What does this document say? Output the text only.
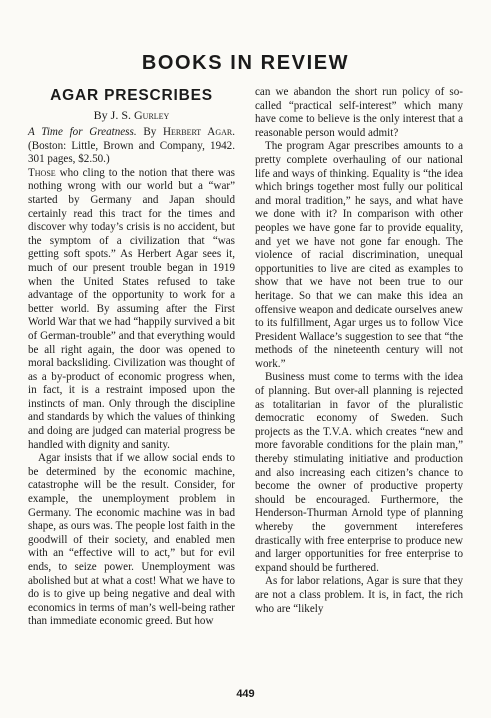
BOOKS IN REVIEW
AGAR PRESCRIBES
By J. S. Gurley

A Time for Greatness. By Herbert Agar. (Boston: Little, Brown and Company, 1942. 301 pages, $2.50.)

Those who cling to the notion that there was nothing wrong with our world but a “war” started by Germany and Japan should certainly read this tract for the times and discover why today’s crisis is no accident, but the symptom of a civilization that “was getting soft spots.” As Herbert Agar sees it, much of our present trouble began in 1919 when the United States refused to take advantage of the opportunity to work for a better world. By assuming after the First World War that we had “happily survived a bit of German-trouble” and that everything would be all right again, the door was opened to moral backsliding. Civilization was thought of as a by-product of economic progress when, in fact, it is a restraint imposed upon the instincts of man. Only through the discipline and standards by which the values of thinking and doing are judged can material progress be handled with dignity and sanity.

Agar insists that if we allow social ends to be determined by the economic machine, catastrophe will be the result. Consider, for example, the unemployment problem in Germany. The economic machine was in bad shape, as ours was. The people lost faith in the goodwill of their society, and enabled men with an “effective will to act,” but for evil ends, to seize power. Unemployment was abolished but at what a cost! What we have to do is to give up being negative and deal with economics in terms of man’s well-being rather than immediate economic greed. But how

can we abandon the short run policy of so-called “practical self-interest” which many have come to believe is the only interest that a reasonable person would admit?

The program Agar prescribes amounts to a pretty complete overhauling of our national life and ways of thinking. Equality is “the idea which brings together most fully our political and moral tradition,” he says, and what have we done with it? In comparison with other peoples we have gone far to provide equality, and yet we have not gone far enough. The violence of racial discrimination, unequal opportunities to live are cited as examples to show that we have not been true to our heritage. So that we can make this idea an offensive weapon and dedicate ourselves anew to its fulfillment, Agar urges us to follow Vice President Wallace’s suggestion to see that “the methods of the nineteenth century will not work.”

Business must come to terms with the idea of planning. But over-all planning is rejected as totalitarian in favor of the pluralistic democratic economy of Sweden. Such projects as the T.V.A. which creates “new and more favorable conditions for the plain man,” thereby stimulating initiative and production and also increasing each citizen’s chance to become the owner of productive property should be encouraged. Furthermore, the Henderson-Thurman Arnold type of planning whereby the government intereferes drastically with free enterprise to produce new and larger opportunities for free enterprise to expand should be furthered.

As for labor relations, Agar is sure that they are not a class problem. It is, in fact, the rich who are “likely

449
